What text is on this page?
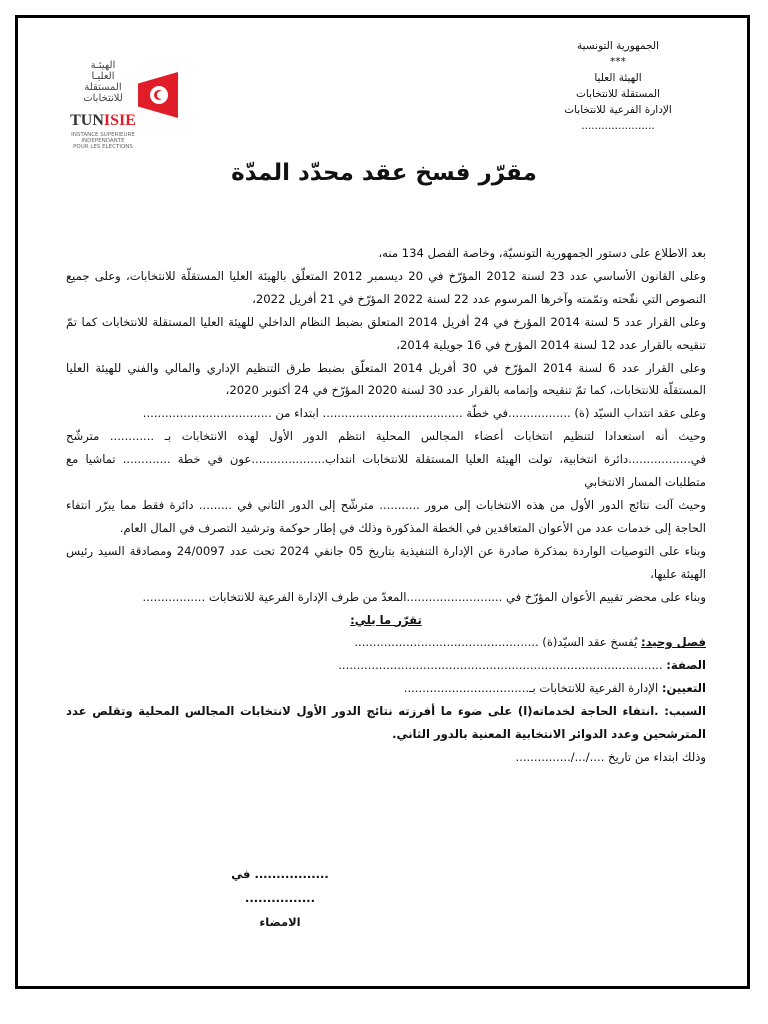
الجمهورية التونسية
***
الهيئة العليا
المستقلة للانتخابات
الإدارة الفرعية للانتخابات
......................
الهيئـة
العليـا
المستقلة
للانتخابات
TUNISIE
INSTANCE SUPERIEURE
INDEPENDANTE
POUR LES ELECTIONS
مقرّر فسخ عقد محدّد المدّة

بعد الاطلاع على دستور الجمهورية التونسيّة، وخاصة الفصل 134 منه،

وعلى القانون الأساسي عدد 23 لسنة 2012 المؤرّخ في 20 ديسمبر 2012 المتعلّق بالهيئة العليا المستقلّة للانتخابات، وعلى جميع النصوص التي نقّحته وتمّمته وآخرها المرسوم عدد 22 لسنة 2022 المؤرّخ في 21 أفريل 2022،

وعلى القرار عدد 5 لسنة 2014 المؤرخ في 24 أفريل 2014 المتعلق بضبط النظام الداخلي للهيئة العليا المستقلة للانتخابات كما تمّ تنقيحه بالقرار عدد 12 لسنة 2014 المؤرخ في 16 جويلية 2014،

وعلى القرار عدد 6 لسنة 2014 المؤرّخ في 30 أفريل 2014 المتعلّق بضبط طرق التنظيم الإداري والمالي والفني للهيئة العليا المستقلّة للانتخابات، كما تمّ تنقيحه وإتمامه بالقرار عدد 30 لسنة 2020 المؤرّخ في 24 أكتوبر 2020،

وعلى عقد انتداب السيّد (ة) .................في خطّة ...................................... ابتداء من ...................................

وحيث أنه استعدادا لتنظيم انتخابات أعضاء المجالس المحلية انتظم الدور الأول لهذه الانتخابات بـ ............ مترشّح في.................دائرة انتخابية، تولت الهيئة العليا المستقلة للانتخابات انتداب....................عون في خطة ............. تماشيا مع متطلبات المسار الانتخابي

وحيث آلت نتائج الدور الأول من هذه الانتخابات إلى مرور ........... مترشّح إلى الدور الثاني في ......... دائرة فقط مما يبرّر انتفاء الحاجة إلى خدمات عدد من الأعوان المتعاقدين في الخطة المذكورة وذلك في إطار حوكمة وترشيد التصرف في المال العام.

وبناء على التوصيات الواردة بمذكرة صادرة عن الإدارة التنفيذية بتاريخ 05 جانفي 2024 تحت عدد 24/0097 ومصادقة السيد رئيس الهيئة عليها،

وبناء على محضر تقييم الأعوان المؤرّخ في ..........................المعدّ من طرف الإدارة الفرعية للانتخابات .................

تقرّر ما يلي:

فصل وحيد: يُفسخ عقد السيّد(ة) ..................................................

الصفة: ........................................................................................

التعيين: الإدارة الفرعية للانتخابات بـ..................................

السبب: .انتفاء الحاجة لخدماته(ا) على ضوء ما أفرزته نتائج الدور الأول لانتخابات المجالس المحلية وتقلص عدد المترشحين وعدد الدوائر الانتخابية المعنية بالدور الثاني.

وذلك ابتداء من تاريخ ..../.../...............

................. في ................
الامضاء
